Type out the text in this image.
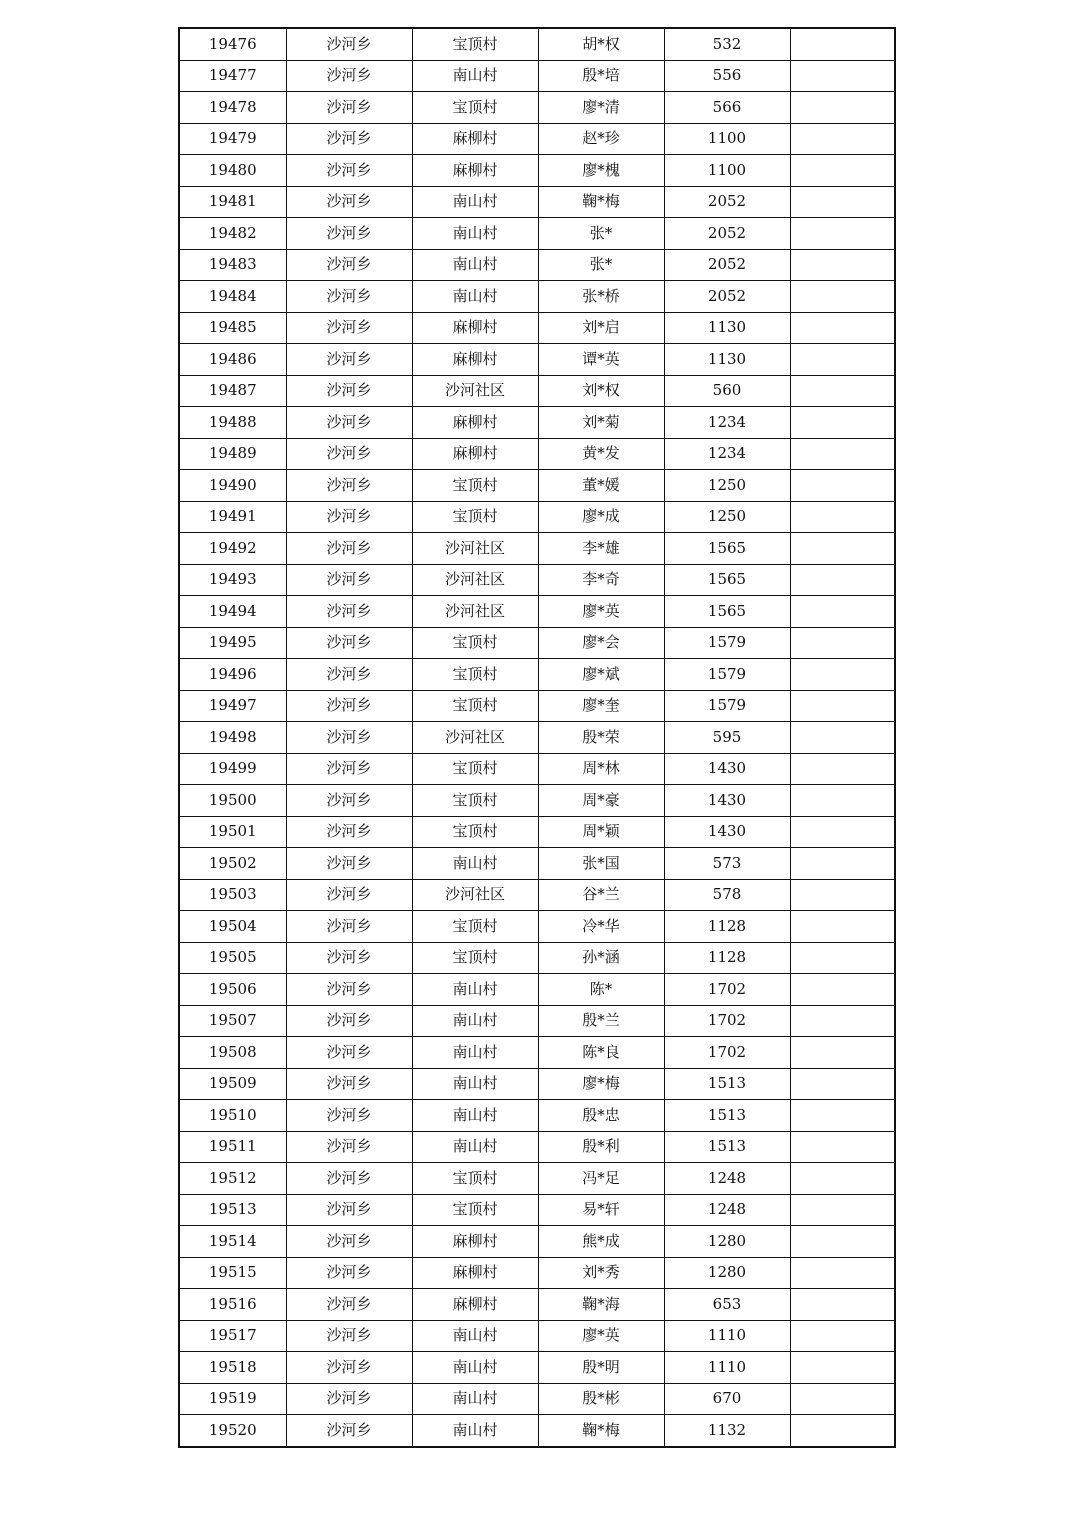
19476	沙河乡	宝顶村	胡*权	532	
19477	沙河乡	南山村	殷*培	556	
19478	沙河乡	宝顶村	廖*清	566	
19479	沙河乡	麻柳村	赵*珍	1100	
19480	沙河乡	麻柳村	廖*槐	1100	
19481	沙河乡	南山村	鞠*梅	2052	
19482	沙河乡	南山村	张*	2052	
19483	沙河乡	南山村	张*	2052	
19484	沙河乡	南山村	张*桥	2052	
19485	沙河乡	麻柳村	刘*启	1130	
19486	沙河乡	麻柳村	谭*英	1130	
19487	沙河乡	沙河社区	刘*权	560	
19488	沙河乡	麻柳村	刘*菊	1234	
19489	沙河乡	麻柳村	黄*发	1234	
19490	沙河乡	宝顶村	董*媛	1250	
19491	沙河乡	宝顶村	廖*成	1250	
19492	沙河乡	沙河社区	李*雄	1565	
19493	沙河乡	沙河社区	李*奇	1565	
19494	沙河乡	沙河社区	廖*英	1565	
19495	沙河乡	宝顶村	廖*会	1579	
19496	沙河乡	宝顶村	廖*斌	1579	
19497	沙河乡	宝顶村	廖*奎	1579	
19498	沙河乡	沙河社区	殷*荣	595	
19499	沙河乡	宝顶村	周*林	1430	
19500	沙河乡	宝顶村	周*豪	1430	
19501	沙河乡	宝顶村	周*颖	1430	
19502	沙河乡	南山村	张*国	573	
19503	沙河乡	沙河社区	谷*兰	578	
19504	沙河乡	宝顶村	冷*华	1128	
19505	沙河乡	宝顶村	孙*涵	1128	
19506	沙河乡	南山村	陈*	1702	
19507	沙河乡	南山村	殷*兰	1702	
19508	沙河乡	南山村	陈*良	1702	
19509	沙河乡	南山村	廖*梅	1513	
19510	沙河乡	南山村	殷*忠	1513	
19511	沙河乡	南山村	殷*利	1513	
19512	沙河乡	宝顶村	冯*足	1248	
19513	沙河乡	宝顶村	易*轩	1248	
19514	沙河乡	麻柳村	熊*成	1280	
19515	沙河乡	麻柳村	刘*秀	1280	
19516	沙河乡	麻柳村	鞠*海	653	
19517	沙河乡	南山村	廖*英	1110	
19518	沙河乡	南山村	殷*明	1110	
19519	沙河乡	南山村	殷*彬	670	
19520	沙河乡	南山村	鞠*梅	1132	
